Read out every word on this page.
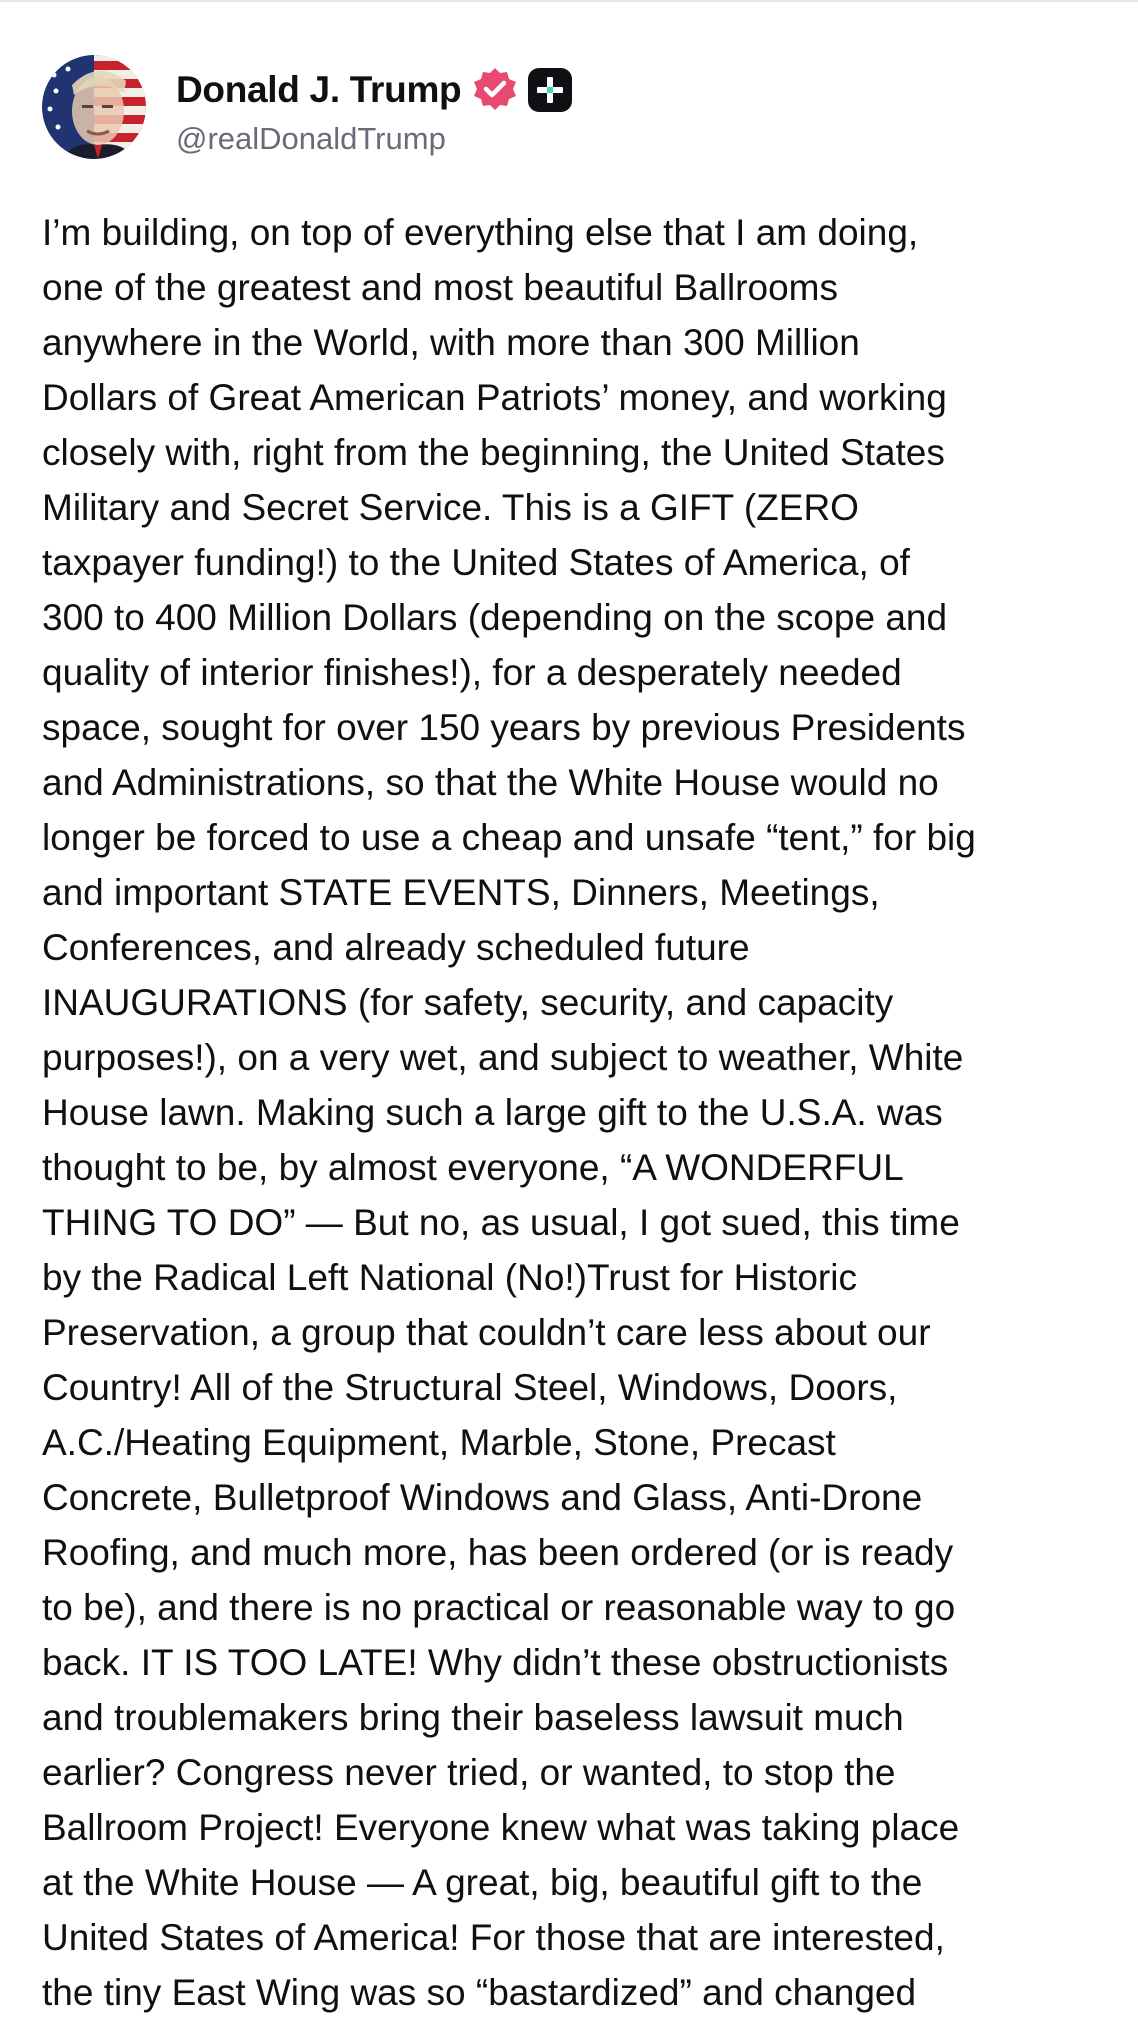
Donald J. Trump
@realDonaldTrump
I’m building, on top of everything else that I am doing,
one of the greatest and most beautiful Ballrooms
anywhere in the World, with more than 300 Million
Dollars of Great American Patriots’ money, and working
closely with, right from the beginning, the United States
Military and Secret Service. This is a GIFT (ZERO
taxpayer funding!) to the United States of America, of
300 to 400 Million Dollars (depending on the scope and
quality of interior finishes!), for a desperately needed
space, sought for over 150 years by previous Presidents
and Administrations, so that the White House would no
longer be forced to use a cheap and unsafe “tent,” for big
and important STATE EVENTS, Dinners, Meetings,
Conferences, and already scheduled future
INAUGURATIONS (for safety, security, and capacity
purposes!), on a very wet, and subject to weather, White
House lawn. Making such a large gift to the U.S.A. was
thought to be, by almost everyone, “A WONDERFUL
THING TO DO” — But no, as usual, I got sued, this time
by the Radical Left National (No!)Trust for Historic
Preservation, a group that couldn’t care less about our
Country! All of the Structural Steel, Windows, Doors,
A.C./Heating Equipment, Marble, Stone, Precast
Concrete, Bulletproof Windows and Glass, Anti-Drone
Roofing, and much more, has been ordered (or is ready
to be), and there is no practical or reasonable way to go
back. IT IS TOO LATE! Why didn’t these obstructionists
and troublemakers bring their baseless lawsuit much
earlier? Congress never tried, or wanted, to stop the
Ballroom Project! Everyone knew what was taking place
at the White House — A great, big, beautiful gift to the
United States of America! For those that are interested,
the tiny East Wing was so “bastardized” and changed
